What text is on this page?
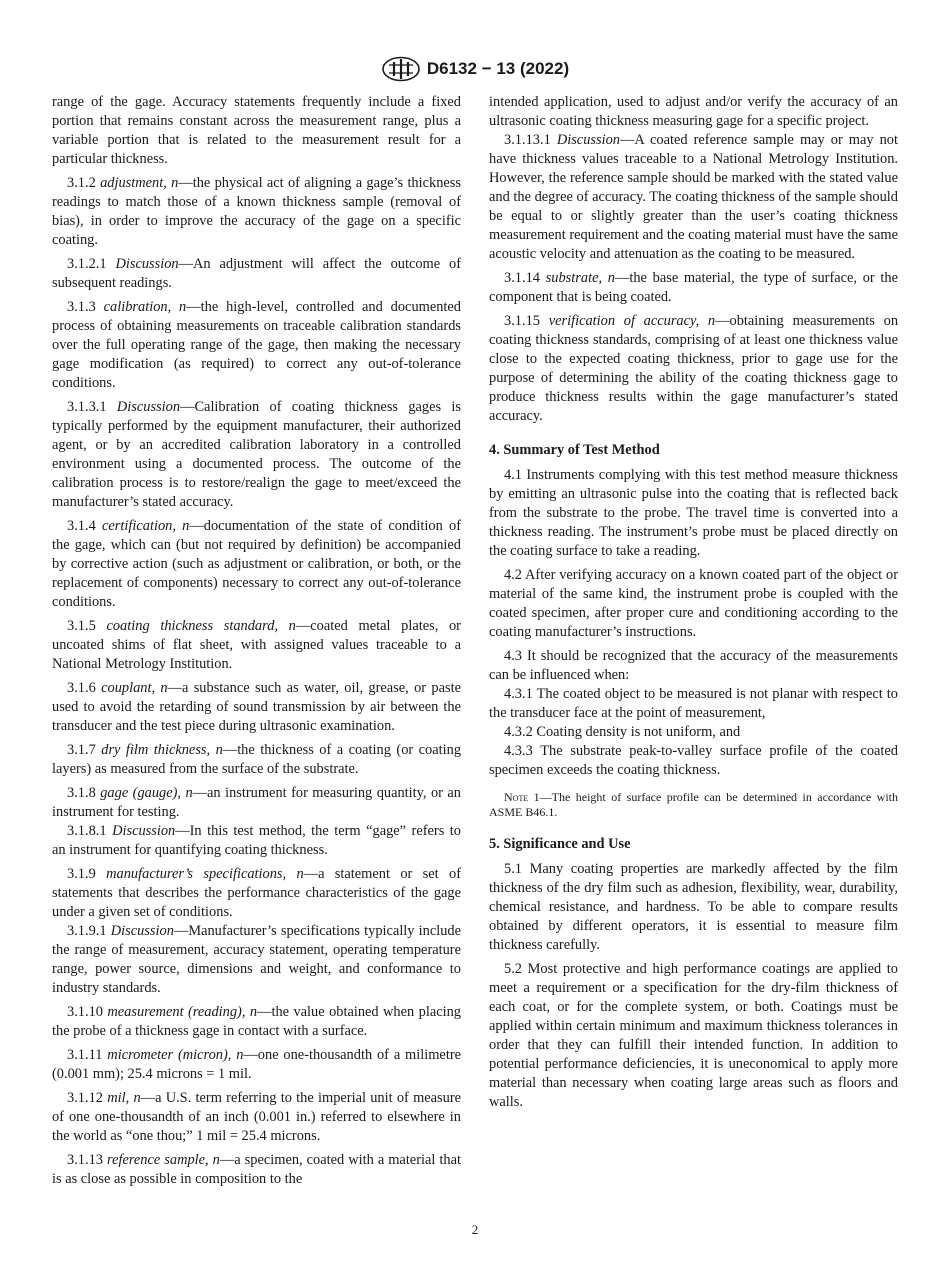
D6132 − 13 (2022)

range of the gage. Accuracy statements frequently include a fixed portion that remains constant across the measurement range, plus a variable portion that is related to the measurement result for a particular thickness.

3.1.2 adjustment, n—the physical act of aligning a gage’s thickness readings to match those of a known thickness sample (removal of bias), in order to improve the accuracy of the gage on a specific coating.

3.1.2.1 Discussion—An adjustment will affect the outcome of subsequent readings.

3.1.3 calibration, n—the high-level, controlled and documented process of obtaining measurements on traceable calibration standards over the full operating range of the gage, then making the necessary gage modification (as required) to correct any out-of-tolerance conditions.

3.1.3.1 Discussion—Calibration of coating thickness gages is typically performed by the equipment manufacturer, their authorized agent, or by an accredited calibration laboratory in a controlled environment using a documented process. The outcome of the calibration process is to restore/realign the gage to meet/exceed the manufacturer’s stated accuracy.

3.1.4 certification, n—documentation of the state of condition of the gage, which can (but not required by definition) be accompanied by corrective action (such as adjustment or calibration, or both, or the replacement of components) necessary to correct any out-of-tolerance conditions.

3.1.5 coating thickness standard, n—coated metal plates, or uncoated shims of flat sheet, with assigned values traceable to a National Metrology Institution.

3.1.6 couplant, n—a substance such as water, oil, grease, or paste used to avoid the retarding of sound transmission by air between the transducer and the test piece during ultrasonic examination.

3.1.7 dry film thickness, n—the thickness of a coating (or coating layers) as measured from the surface of the substrate.

3.1.8 gage (gauge), n—an instrument for measuring quantity, or an instrument for testing.

3.1.8.1 Discussion—In this test method, the term “gage” refers to an instrument for quantifying coating thickness.

3.1.9 manufacturer’s specifications, n—a statement or set of statements that describes the performance characteristics of the gage under a given set of conditions.

3.1.9.1 Discussion—Manufacturer’s specifications typically include the range of measurement, accuracy statement, operating temperature range, power source, dimensions and weight, and conformance to industry standards.

3.1.10 measurement (reading), n—the value obtained when placing the probe of a thickness gage in contact with a surface.

3.1.11 micrometer (micron), n—one one-thousandth of a milimetre (0.001 mm); 25.4 microns = 1 mil.

3.1.12 mil, n—a U.S. term referring to the imperial unit of measure of one one-thousandth of an inch (0.001 in.) referred to elsewhere in the world as “one thou;” 1 mil = 25.4 microns.

3.1.13 reference sample, n—a specimen, coated with a material that is as close as possible in composition to the

intended application, used to adjust and/or verify the accuracy of an ultrasonic coating thickness measuring gage for a specific project.

3.1.13.1 Discussion—A coated reference sample may or may not have thickness values traceable to a National Metrology Institution. However, the reference sample should be marked with the stated value and the degree of accuracy. The coating thickness of the sample should be equal to or slightly greater than the user’s coating thickness measurement requirement and the coating material must have the same acoustic velocity and attenuation as the coating to be measured.

3.1.14 substrate, n—the base material, the type of surface, or the component that is being coated.

3.1.15 verification of accuracy, n—obtaining measurements on coating thickness standards, comprising of at least one thickness value close to the expected coating thickness, prior to gage use for the purpose of determining the ability of the coating thickness gage to produce thickness results within the gage manufacturer’s stated accuracy.

4. Summary of Test Method

4.1 Instruments complying with this test method measure thickness by emitting an ultrasonic pulse into the coating that is reflected back from the substrate to the probe. The travel time is converted into a thickness reading. The instrument’s probe must be placed directly on the coating surface to take a reading.

4.2 After verifying accuracy on a known coated part of the object or material of the same kind, the instrument probe is coupled with the coated specimen, after proper cure and conditioning according to the coating manufacturer’s instructions.

4.3 It should be recognized that the accuracy of the measurements can be influenced when:

4.3.1 The coated object to be measured is not planar with respect to the transducer face at the point of measurement,

4.3.2 Coating density is not uniform, and

4.3.3 The substrate peak-to-valley surface profile of the coated specimen exceeds the coating thickness.

Note 1—The height of surface profile can be determined in accordance with ASME B46.1.

5. Significance and Use

5.1 Many coating properties are markedly affected by the film thickness of the dry film such as adhesion, flexibility, wear, durability, chemical resistance, and hardness. To be able to compare results obtained by different operators, it is essential to measure film thickness carefully.

5.2 Most protective and high performance coatings are applied to meet a requirement or a specification for the dry-film thickness of each coat, or for the complete system, or both. Coatings must be applied within certain minimum and maximum thickness tolerances in order that they can fulfill their intended function. In addition to potential performance deficiencies, it is uneconomical to apply more material than necessary when coating large areas such as floors and walls.

2
